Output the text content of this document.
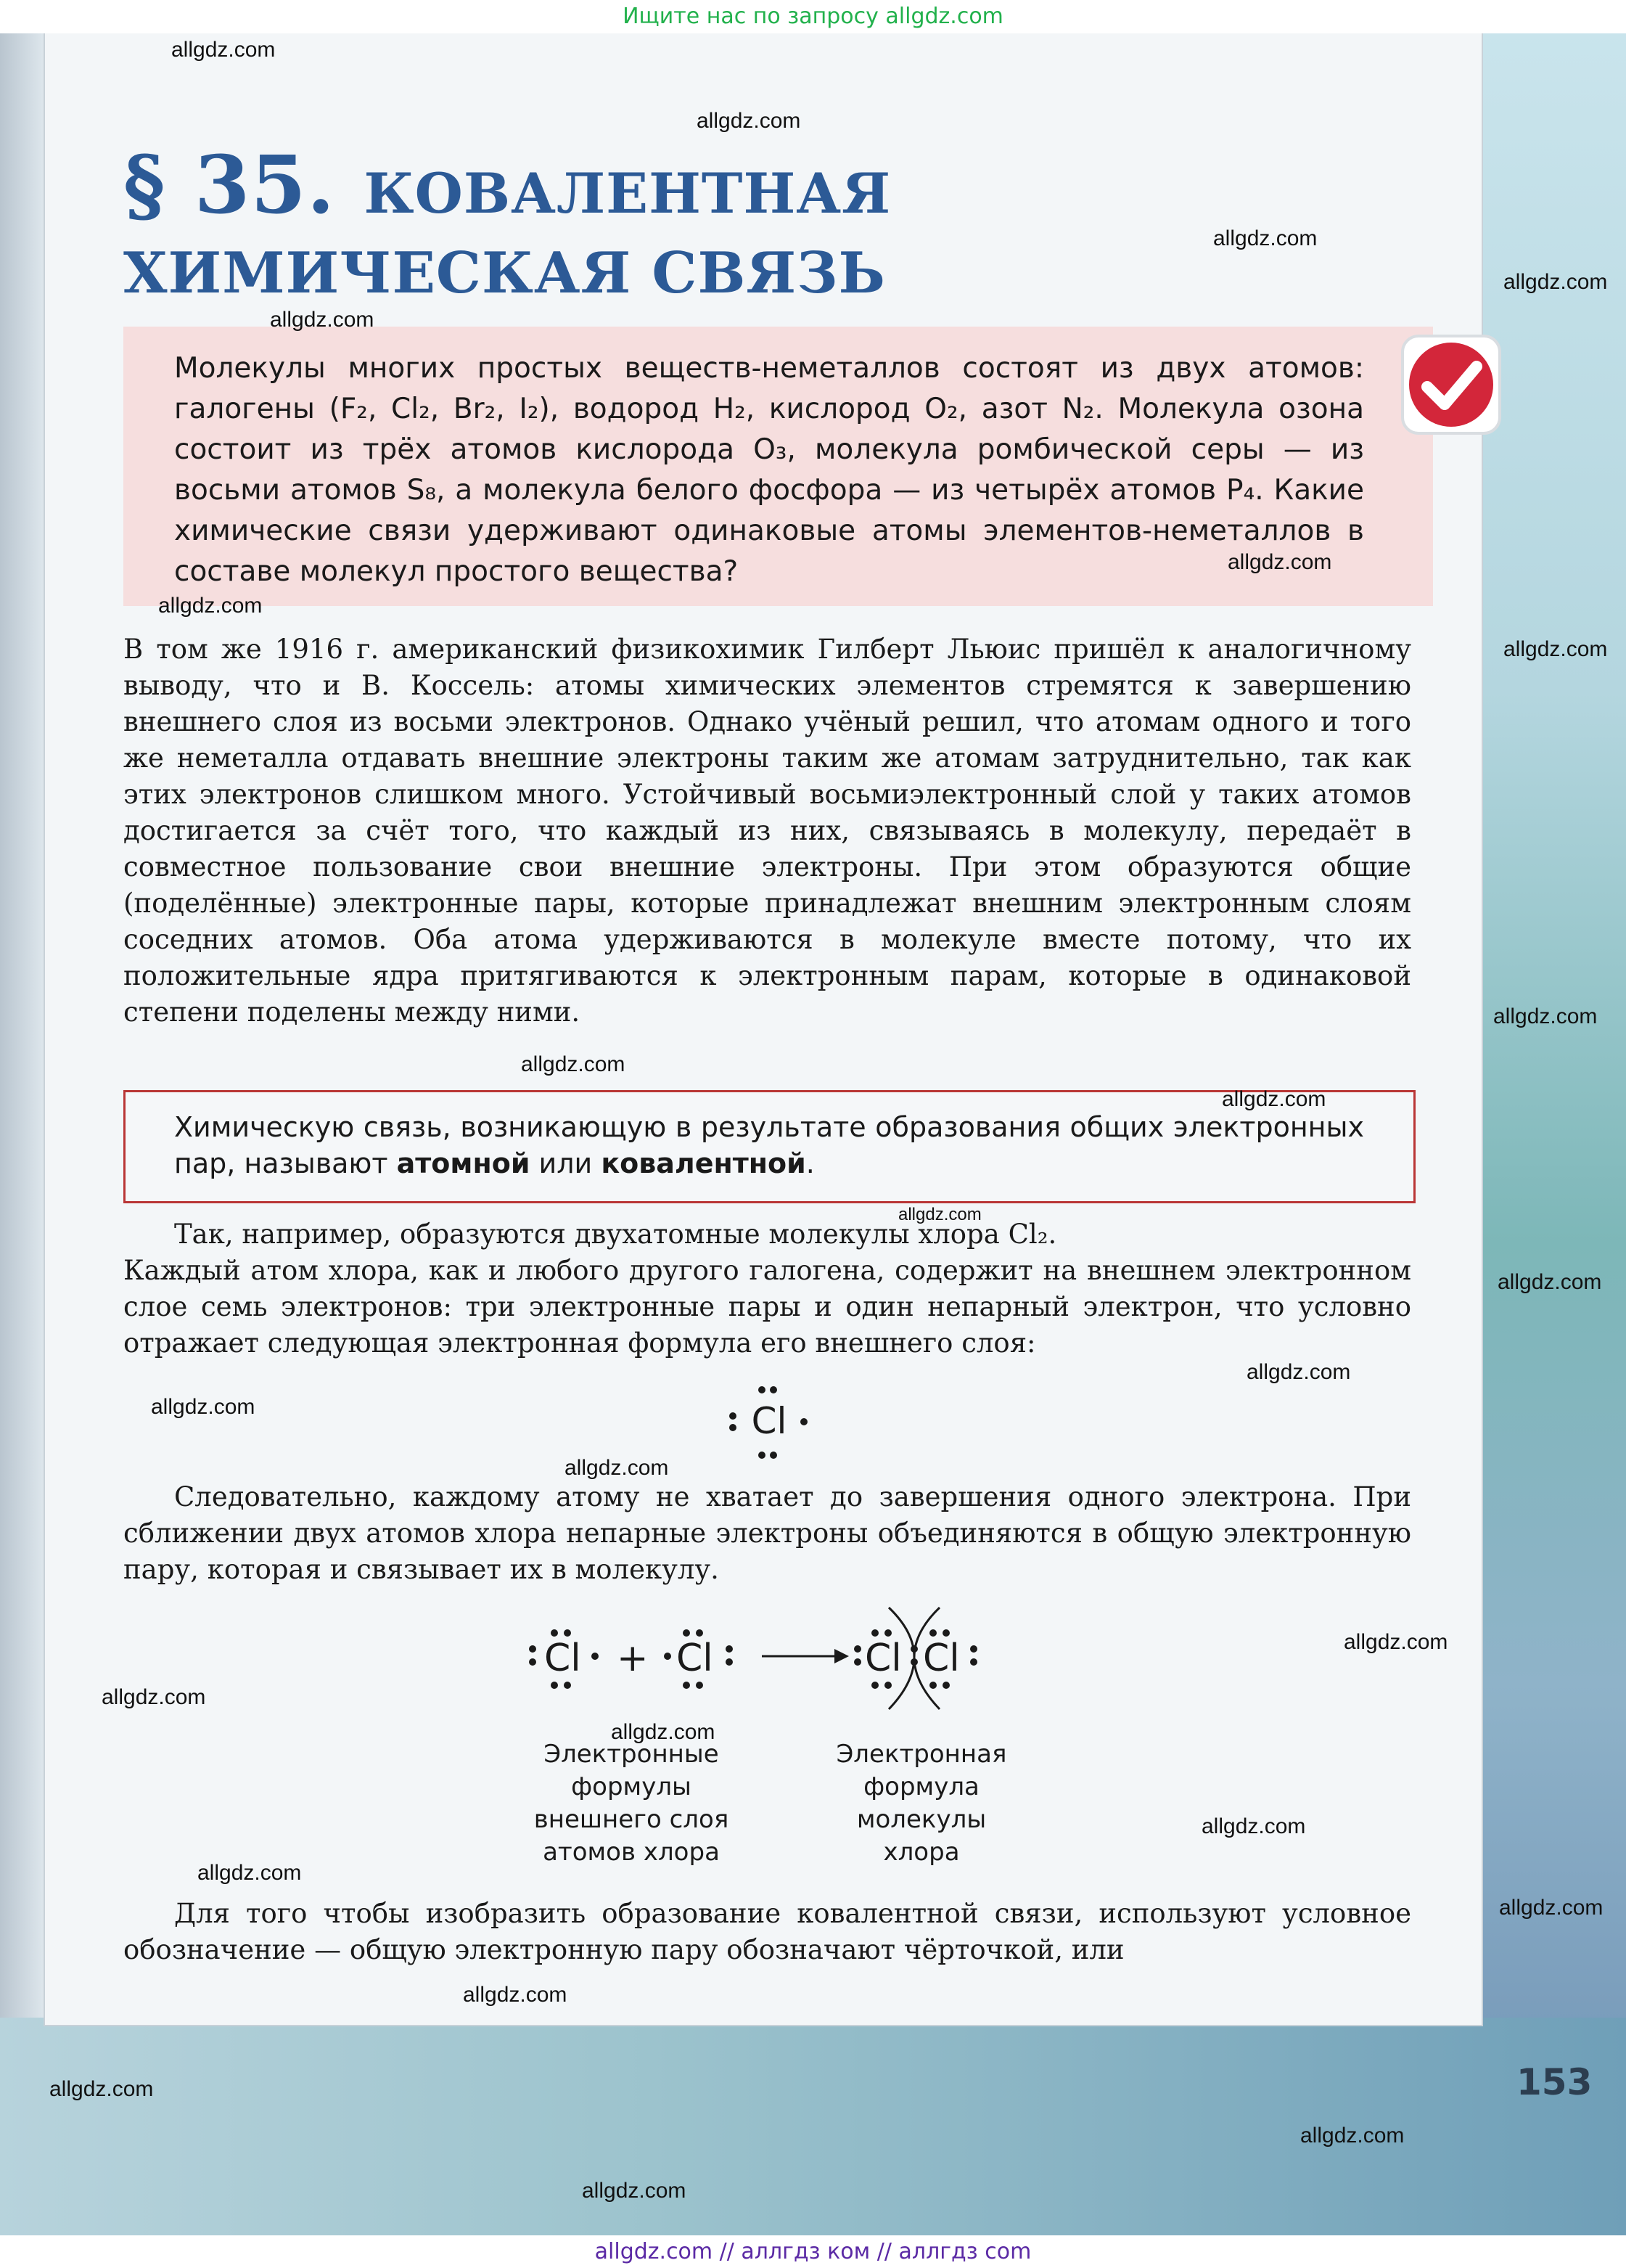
Ищите нас по запросу allgdz.com
§ 35. КОВАЛЕНТНАЯ
ХИМИЧЕСКАЯ СВЯЗЬ
Молекулы многих простых веществ-неметаллов состоят из двух атомов: галогены (F₂, Cl₂, Br₂, I₂), водород H₂, кислород O₂, азот N₂. Молекула озона состоит из трёх атомов кислорода O₃, молекула ромбической серы — из восьми атомов S₈, а молекула белого фосфора — из четырёх атомов P₄. Какие химические связи удерживают одинаковые атомы элементов-неметаллов в составе молекул простого вещества?
В том же 1916 г. американский физикохимик Гилберт Льюис пришёл к аналогичному выводу, что и В. Коссель: атомы химических элементов стремятся к завершению внешнего слоя из восьми электронов. Однако учёный решил, что атомам одного и того же неметалла отдавать внешние электроны таким же атомам затруднительно, так как этих электронов слишком много. Устойчивый восьмиэлектронный слой у таких атомов достигается за счёт того, что каждый из них, связываясь в молекулу, передаёт в совместное пользование свои внешние электроны. При этом образуются общие (поделённые) электронные пары, которые принадлежат внешним электронным слоям соседних атомов. Оба атома удерживаются в молекуле вместе потому, что их положительные ядра притягиваются к электронным парам, которые в одинаковой степени поделены между ними.
Химическую связь, возникающую в результате образования общих электронных пар, называют атомной или ковалентной.
Так, например, образуются двухатомные молекулы хлора Cl₂.
Каждый атом хлора, как и любого другого галогена, содержит на внешнем электронном слое семь электронов: три электронные пары и один непарный электрон, что условно отражает следующая электронная формула его внешнего слоя:
Cl
Следовательно, каждому атому не хватает до завершения одного электрона. При сближении двух атомов хлора непарные электроны объединяются в общую электронную пару, которая и связывает их в молекулу.
Cl + Cl	Cl Cl
Электронные формулы внешнего слоя атомов хлора
Электронная формула молекулы хлора
Для того чтобы изобразить образование ковалентной связи, используют условное обозначение — общую электронную пару обозначают чёрточкой, или
153
allgdz.com
allgdz.com
allgdz.com
allgdz.com
allgdz.com
allgdz.com
allgdz.com
allgdz.com
allgdz.com
allgdz.com
allgdz.com
allgdz.com
allgdz.com
allgdz.com
allgdz.com
allgdz.com
allgdz.com
allgdz.com
allgdz.com
allgdz.com
allgdz.com
allgdz.com
allgdz.com
allgdz.com
allgdz.com
allgdz.com
allgdz.com // аллгдз ком // аллгдз com
